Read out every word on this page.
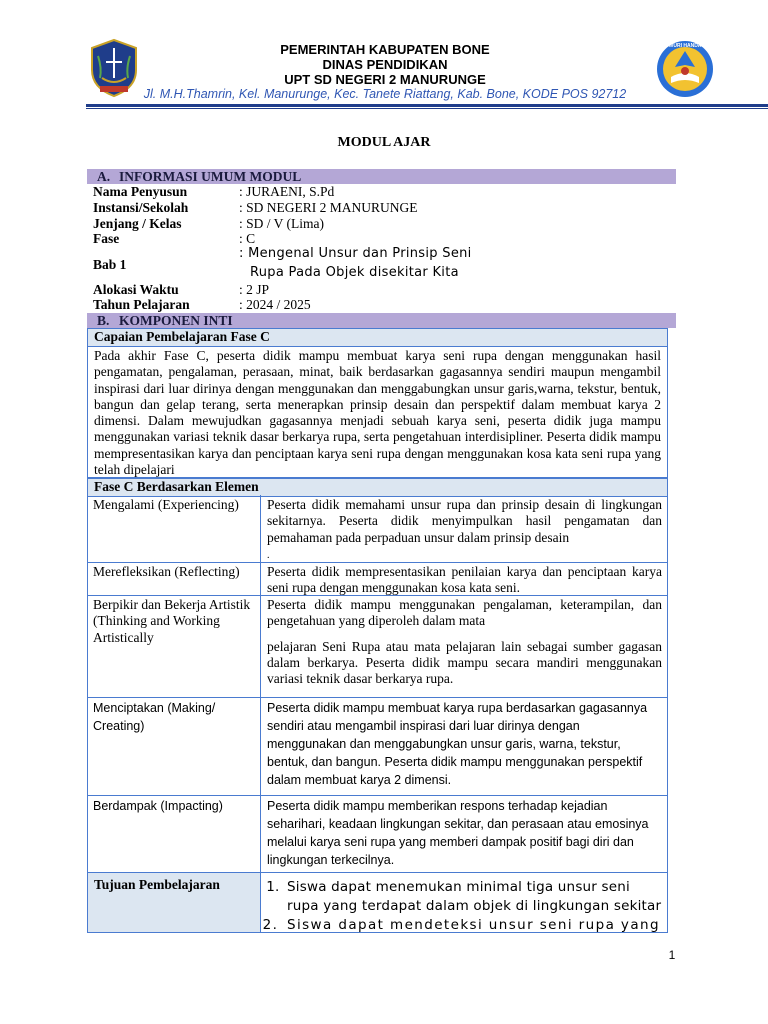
PEMERINTAH KABUPATEN BONE
DINAS PENDIDIKAN
UPT SD NEGERI 2 MANURUNGE
Jl. M.H.Thamrin, Kel. Manurunge, Kec. Tanete Riattang, Kab. Bone, KODE POS 92712
TUT WURI HANDAYANI
MODUL AJAR
A. INFORMASI UMUM MODUL
Nama Penyusun	: JURAENI, S.Pd
Instansi/Sekolah	: SD NEGERI 2 MANURUNGE
Jenjang / Kelas	: SD / V (Lima)
Fase	: C
Bab 1
: Mengenal Unsur dan Prinsip Seni
Rupa Pada Objek disekitar Kita
Alokasi Waktu	: 2 JP
Tahun Pelajaran	: 2024 / 2025
B. KOMPONEN INTI
Capaian Pembelajaran Fase C
Pada akhir Fase C, peserta didik mampu membuat karya seni rupa dengan menggunakan hasil pengamatan, pengalaman, perasaan, minat, baik berdasarkan gagasannya sendiri maupun mengambil inspirasi dari luar dirinya dengan menggunakan dan menggabungkan unsur garis,warna, tekstur, bentuk, bangun dan gelap terang, serta menerapkan prinsip desain dan perspektif dalam membuat karya 2 dimensi. Dalam mewujudkan gagasannya menjadi sebuah karya seni, peserta didik juga mampu menggunakan variasi teknik dasar berkarya rupa, serta pengetahuan interdisipliner. Peserta didik mampu mempresentasikan karya dan penciptaan karya seni rupa dengan menggunakan kosa kata seni rupa yang telah dipelajari
Fase C Berdasarkan Elemen
Mengalami (Experiencing)	Peserta didik memahami unsur rupa dan prinsip desain di lingkungan sekitarnya. Peserta didik menyimpulkan hasil pengamatan dan pemahaman pada perpaduan unsur dalam prinsip desain
.
Merefleksikan (Reflecting)	Peserta didik mempresentasikan penilaian karya dan penciptaan karya seni rupa dengan menggunakan kosa kata seni.
Berpikir dan Bekerja Artistik (Thinking and Working Artistically
Peserta didik mampu menggunakan pengalaman, keterampilan, dan pengetahuan yang diperoleh dalam mata
pelajaran Seni Rupa atau mata pelajaran lain sebagai sumber gagasan dalam berkarya. Peserta didik mampu secara mandiri menggunakan variasi teknik dasar berkarya rupa.
Menciptakan (Making/ Creating)
Peserta didik mampu membuat karya rupa berdasarkan gagasannya sendiri atau mengambil inspirasi dari luar dirinya dengan menggunakan dan menggabungkan unsur garis, warna, tekstur, bentuk, dan bangun. Peserta didik mampu menggunakan perspektif dalam membuat karya 2 dimensi.
Berdampak (Impacting)	Peserta didik mampu memberikan respons terhadap kejadian seharihari, keadaan lingkungan sekitar, dan perasaan atau emosinya melalui karya seni rupa yang memberi dampak positif bagi diri dan lingkungan terkecilnya.
Tujuan Pembelajaran
1.	Siswa dapat menemukan minimal tiga unsur seni rupa yang terdapat dalam objek di lingkungan sekitar
2. Siswa dapat mendeteksi unsur seni rupa yang
1
